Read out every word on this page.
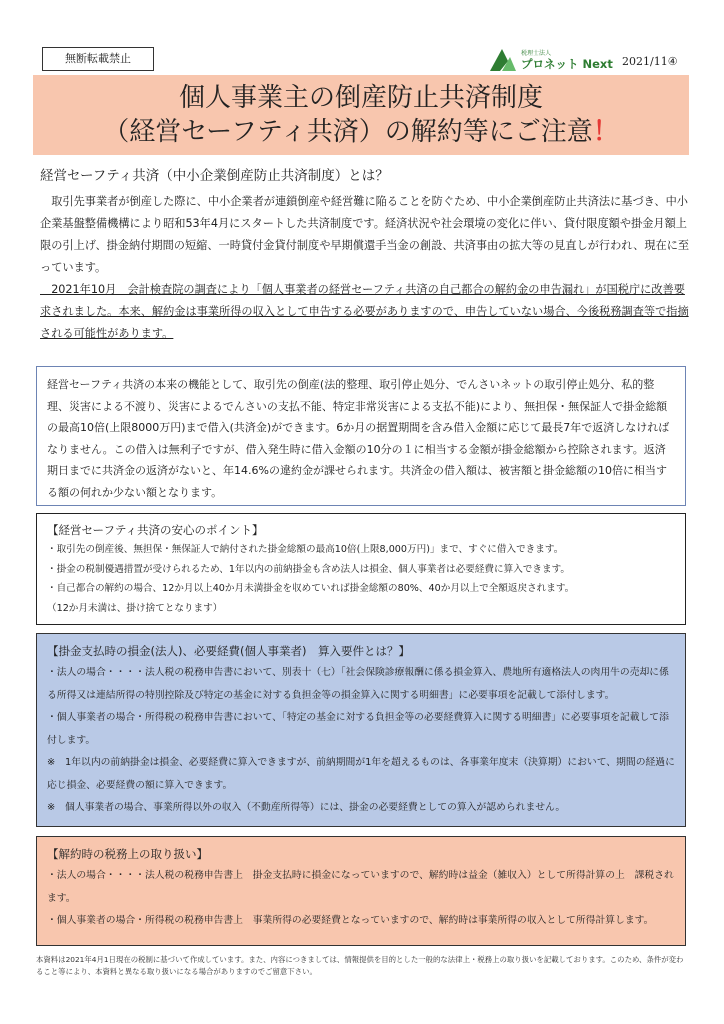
無断転載禁止	税理士法人
プロネット Next 2021/11④
個人事業主の倒産防止共済制度
（経営セーフティ共済）の解約等にご注意！
経営セーフティ共済（中小企業倒産防止共済制度）とは？

　取引先事業者が倒産した際に、中小企業者が連鎖倒産や経営難に陥ることを防ぐため、中小企業倒産防止共済法に基づき、中小企業基盤整備機構により昭和53年4月にスタートした共済制度です。経済状況や社会環境の変化に伴い、貸付限度額や掛金月額上限の引上げ、掛金納付期間の短縮、一時貸付金貸付制度や早期償還手当金の創設、共済事由の拡大等の見直しが行われ、現在に至っています。

　2021年10月　会計検査院の調査により「個人事業者の経営セーフティ共済の自己都合の解約金の申告漏れ」が国税庁に改善要求されました。本来、解約金は事業所得の収入として申告する必要がありますので、申告していない場合、今後税務調査等で指摘される可能性があります。

経営セーフティ共済の本来の機能として、取引先の倒産(法的整理、取引停止処分、でんさいネットの取引停止処分、私的整理、災害による不渡り、災害によるでんさいの支払不能、特定非常災害による支払不能)により、無担保・無保証人で掛金総額の最高10倍(上限8000万円)まで借入(共済金)ができます。6か月の据置期間を含み借入金額に応じて最長7年で返済しなければなりません。この借入は無利子ですが、借入発生時に借入金額の10分の１に相当する金額が掛金総額から控除されます。返済期日までに共済金の返済がないと、年14.6%の違約金が課せられます。共済金の借入額は、被害額と掛金総額の10倍に相当する額の何れか少ない額となります。

【経営セーフティ共済の安心のポイント】
・取引先の倒産後、無担保・無保証人で納付された掛金総額の最高10倍(上限8,000万円)」まで、すぐに借入できます。
・掛金の税制優遇措置が受けられるため、1年以内の前納掛金も含め法人は損金、個人事業者は必要経費に算入できます。
・自己都合の解約の場合、12か月以上40か月未満掛金を収めていれば掛金総額の80%、40か月以上で全額返戻されます。
（12か月未満は、掛け捨てとなります）
【掛金支払時の損金(法人)、必要経費(個人事業者)　算入要件とは？】
・法人の場合・・・・法人税の税務申告書において、別表十（七）「社会保険診療報酬に係る損金算入、農地所有適格法人の肉用牛の売却に係る所得又は連結所得の特別控除及び特定の基金に対する負担金等の損金算入に関する明細書」に必要事項を記載して添付します。
・個人事業者の場合・所得税の税務申告書において、「特定の基金に対する負担金等の必要経費算入に関する明細書」に必要事項を記載して添付します。
※　1年以内の前納掛金は損金、必要経費に算入できますが、前納期間が1年を超えるものは、各事業年度末（決算期）において、期間の経過に応じ損金、必要経費の額に算入できます。
※　個人事業者の場合、事業所得以外の収入（不動産所得等）には、掛金の必要経費としての算入が認められません。
【解約時の税務上の取り扱い】
・法人の場合・・・・法人税の税務申告書上　掛金支払時に損金になっていますので、解約時は益金（雑収入）として所得計算の上　課税されます。
・個人事業者の場合・所得税の税務申告書上　事業所得の必要経費となっていますので、解約時は事業所得の収入として所得計算します。
本資料は2021年4月1日現在の税制に基づいて作成しています。また、内容につきましては、情報提供を目的とした一般的な法律上・税務上の取り扱いを記載しております。このため、条件が変わること等により、本資料と異なる取り扱いになる場合がありますのでご留意下さい。
